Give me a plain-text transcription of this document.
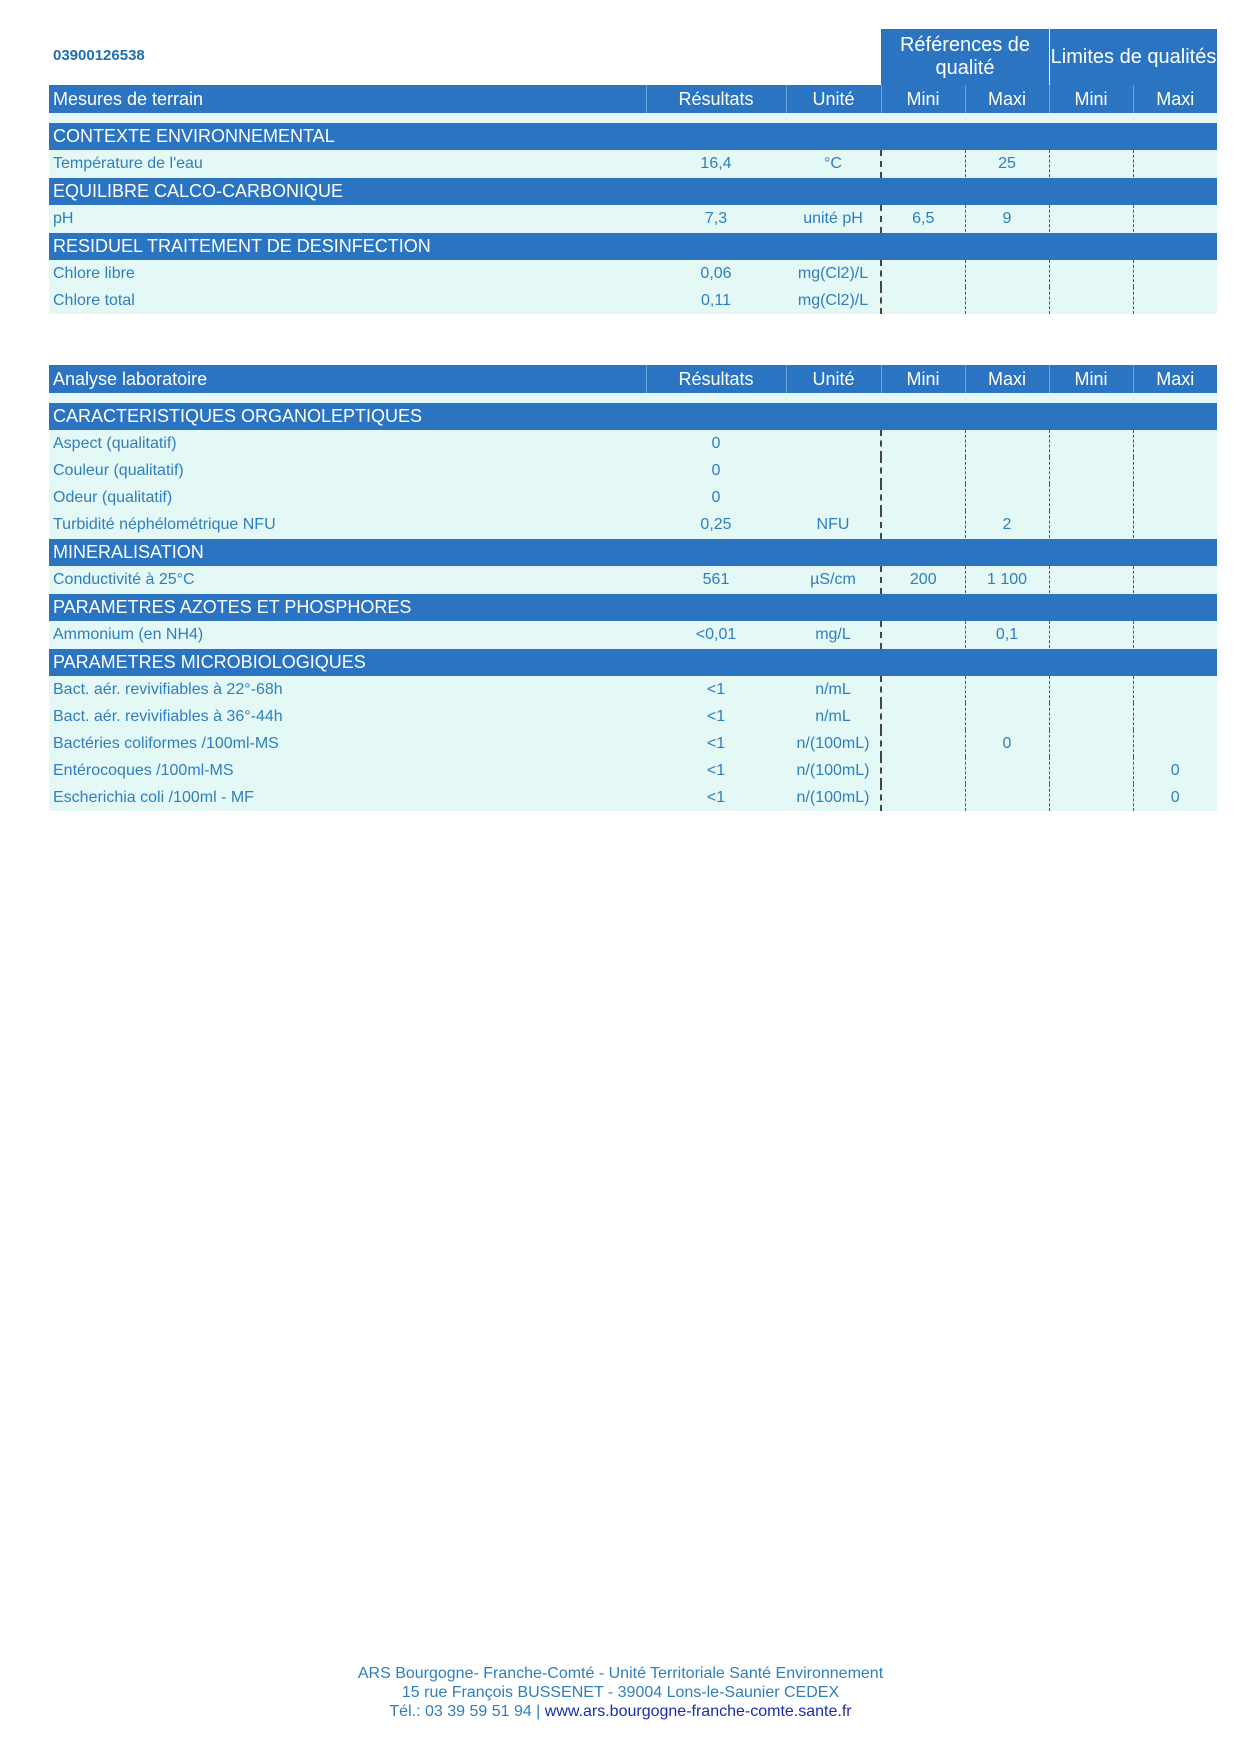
03900126538	Références de qualité
Limites de qualités
Mesures de terrain	Résultats	Unité	Mini	Maxi	Mini	Maxi

CONTEXTE ENVIRONNEMENTAL						
Température de l'eau	16,4	°C		25		
EQUILIBRE CALCO-CARBONIQUE						
pH	7,3	unité pH	6,5	9		
RESIDUEL TRAITEMENT DE DESINFECTION						
Chlore libre	0,06	mg(Cl2)/L				
Chlore total	0,11	mg(Cl2)/L				
Analyse laboratoire	Résultats	Unité	Mini	Maxi	Mini	Maxi

CARACTERISTIQUES ORGANOLEPTIQUES						
Aspect (qualitatif)	0					
Couleur (qualitatif)	0					
Odeur (qualitatif)	0					
Turbidité néphélométrique NFU	0,25	NFU		2		
MINERALISATION						
Conductivité à 25°C	561	µS/cm	200	1 100		
PARAMETRES AZOTES ET PHOSPHORES						
Ammonium (en NH4)	<0,01	mg/L		0,1		
PARAMETRES MICROBIOLOGIQUES						
Bact. aér. revivifiables à 22°-68h	<1	n/mL				
Bact. aér. revivifiables à 36°-44h	<1	n/mL				
Bactéries coliformes /100ml-MS	<1	n/(100mL)		0		
Entérocoques /100ml-MS	<1	n/(100mL)				0
Escherichia coli /100ml - MF	<1	n/(100mL)				0
ARS Bourgogne- Franche-Comté - Unité Territoriale Santé Environnement
15 rue François BUSSENET - 39004 Lons-le-Saunier CEDEX
Tél.: 03 39 59 51 94 | www.ars.bourgogne-franche-comte.sante.fr
